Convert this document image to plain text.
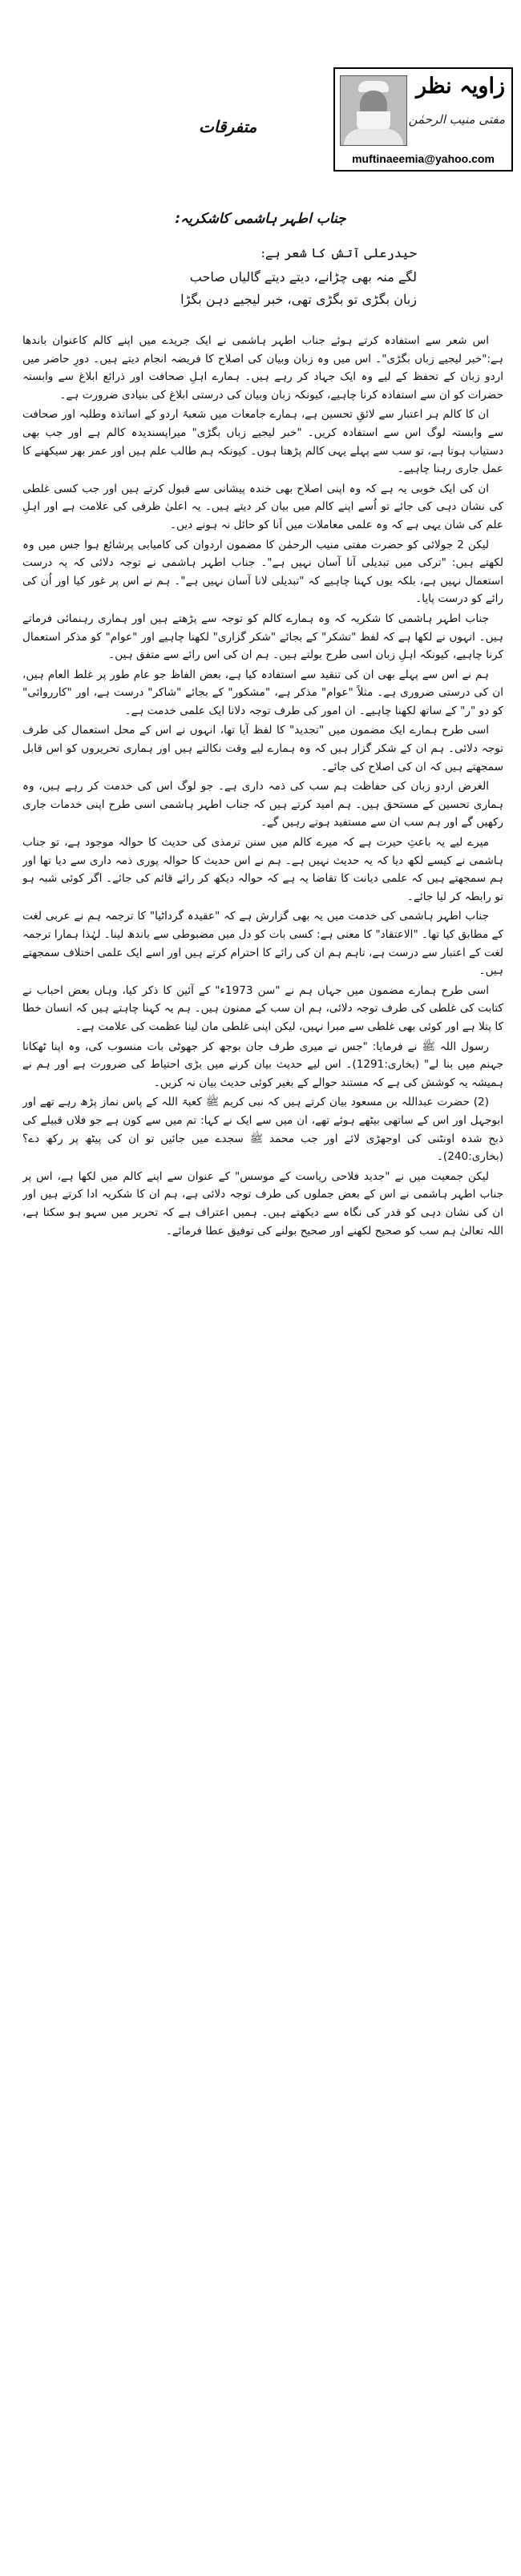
زاویہ نظر
مفتی منیب الرحمٰن
muftinaeemia@yahoo.com
متفرقات
جناب اطہر ہاشمی کاشکریہ:
حیدرعلی آتش کا شعر ہے:
لگے منہ بھی چڑانے، دیتے دیتے گالیاں صاحب
زبان بگڑی تو بگڑی تھی، خبر لیجیے دہن بگڑا

اس شعر سے استفادہ کرتے ہوئے جناب اطہر ہاشمی نے ایک جریدے میں اپنے کالم کاعنوان باندھا ہے:"خبر لیجیے زباں بگڑی"۔ اس میں وہ زبان وبیان کی اصلاح کا فریضہ انجام دیتے ہیں۔ دورِ حاضر میں اردو زبان کے تحفظ کے لیے وہ ایک جہاد کر رہے ہیں۔ ہمارے اہلِ صحافت اور ذرائع ابلاغ سے وابستہ حضرات کو ان سے استفادہ کرنا چاہیے، کیونکہ زبان وبیان کی درستی ابلاغ کی بنیادی ضرورت ہے۔

ان کا کالم ہر اعتبار سے لائقِ تحسین ہے، ہمارے جامعات میں شعبۂ اردو کے اساتذہ وطلبہ اور صحافت سے وابستہ لوگ اس سے استفادہ کریں۔ "خبر لیجیے زباں بگڑی" میراپسندیدہ کالم ہے اور جب بھی دستیاب ہوتا ہے، تو سب سے پہلے یہی کالم پڑھتا ہوں۔ کیونکہ ہم طالب علم ہیں اور عمر بھر سیکھنے کا عمل جاری رہنا چاہیے۔

ان کی ایک خوبی یہ ہے کہ وہ اپنی اصلاح بھی خندہ پیشانی سے قبول کرتے ہیں اور جب کسی غلطی کی نشان دہی کی جائے تو اُسے اپنے کالم میں بیان کر دیتے ہیں۔ یہ اعلیٰ ظرفی کی علامت ہے اور اہلِ علم کی شان یہی ہے کہ وہ علمی معاملات میں اَنا کو حائل نہ ہونے دیں۔

لیکن 2 جولائی کو حضرت مفتی منیب الرحمٰن کا مضمون اردوان کی کامیابی پرشائع ہوا جس میں وہ لکھتے ہیں: "ترکی میں تبدیلی آنا آسان نہیں ہے"۔ جناب اطہر ہاشمی نے توجہ دلائی کہ یہ درست استعمال نہیں ہے، بلکہ یوں کہنا چاہیے کہ "تبدیلی لانا آسان نہیں ہے"۔ ہم نے اس پر غور کیا اور اُن کی رائے کو درست پایا۔

جناب اطہر ہاشمی کا شکریہ کہ وہ ہمارے کالم کو توجہ سے پڑھتے ہیں اور ہماری رہنمائی فرماتے ہیں۔ انہوں نے لکھا ہے کہ لفظ "تشکر" کے بجائے "شکر گزاری" لکھنا چاہیے اور "عوام" کو مذکر استعمال کرنا چاہیے، کیونکہ اہلِ زبان اسی طرح بولتے ہیں۔ ہم ان کی اس رائے سے متفق ہیں۔

ہم نے اس سے پہلے بھی ان کی تنقید سے استفادہ کیا ہے، بعض الفاظ جو عام طور پر غلط العام ہیں، ان کی درستی ضروری ہے۔ مثلاً "عوام" مذکر ہے، "مشکور" کے بجائے "شاکر" درست ہے، اور "کارروائی" کو دو "ر" کے ساتھ لکھنا چاہیے۔ ان امور کی طرف توجہ دلانا ایک علمی خدمت ہے۔

اسی طرح ہمارے ایک مضمون میں "تجدید" کا لفظ آیا تھا، انہوں نے اس کے محل استعمال کی طرف توجہ دلائی۔ ہم ان کے شکر گزار ہیں کہ وہ ہمارے لیے وقت نکالتے ہیں اور ہماری تحریروں کو اس قابل سمجھتے ہیں کہ ان کی اصلاح کی جائے۔

الغرض اردو زبان کی حفاظت ہم سب کی ذمہ داری ہے۔ جو لوگ اس کی خدمت کر رہے ہیں، وہ ہماری تحسین کے مستحق ہیں۔ ہم امید کرتے ہیں کہ جناب اطہر ہاشمی اسی طرح اپنی خدمات جاری رکھیں گے اور ہم سب ان سے مستفید ہوتے رہیں گے۔

میرے لیے یہ باعثِ حیرت ہے کہ میرے کالم میں سنن ترمذی کی حدیث کا حوالہ موجود ہے، تو جناب ہاشمی نے کیسے لکھ دیا کہ یہ حدیث نہیں ہے۔ ہم نے اس حدیث کا حوالہ پوری ذمہ داری سے دیا تھا اور ہم سمجھتے ہیں کہ علمی دیانت کا تقاضا یہ ہے کہ حوالہ دیکھ کر رائے قائم کی جائے۔ اگر کوئی شبہ ہو تو رابطہ کر لیا جائے۔

جناب اطہر ہاشمی کی خدمت میں یہ بھی گزارش ہے کہ "عقیدہ گرداٹیا" کا ترجمہ ہم نے عربی لغت کے مطابق کیا تھا۔ "الاعتقاد" کا معنی ہے: کسی بات کو دل میں مضبوطی سے باندھ لینا۔ لہٰذا ہمارا ترجمہ لغت کے اعتبار سے درست ہے، تاہم ہم ان کی رائے کا احترام کرتے ہیں اور اسے ایک علمی اختلاف سمجھتے ہیں۔

اسی طرح ہمارے مضمون میں جہاں ہم نے "سن 1973ء" کے آئین کا ذکر کیا، وہاں بعض احباب نے کتابت کی غلطی کی طرف توجہ دلائی، ہم ان سب کے ممنون ہیں۔ ہم یہ کہنا چاہتے ہیں کہ انسان خطا کا پتلا ہے اور کوئی بھی غلطی سے مبرا نہیں، لیکن اپنی غلطی مان لینا عظمت کی علامت ہے۔

رسول اللہ ﷺ نے فرمایا: "جس نے میری طرف جان بوجھ کر جھوٹی بات منسوب کی، وہ اپنا ٹھکانا جہنم میں بنا لے" (بخاری:1291)۔ اس لیے حدیث بیان کرنے میں بڑی احتیاط کی ضرورت ہے اور ہم نے ہمیشہ یہ کوشش کی ہے کہ مستند حوالے کے بغیر کوئی حدیث بیان نہ کریں۔

(2) حضرت عبداللہ بن مسعود بیان کرتے ہیں کہ نبی کریم ﷺ کعبۃ اللہ کے پاس نماز پڑھ رہے تھے اور ابوجہل اور اس کے ساتھی بیٹھے ہوئے تھے، ان میں سے ایک نے کہا: تم میں سے کون ہے جو فلاں قبیلے کی ذبح شدہ اونٹنی کی اوجھڑی لائے اور جب محمد ﷺ سجدے میں جائیں تو ان کی پیٹھ پر رکھ دے؟ (بخاری:240)۔

لیکن جمعیت میں نے "جدید فلاحی ریاست کے موسس" کے عنوان سے اپنے کالم میں لکھا ہے، اس پر جناب اطہر ہاشمی نے اس کے بعض جملوں کی طرف توجہ دلائی ہے، ہم ان کا شکریہ ادا کرتے ہیں اور ان کی نشان دہی کو قدر کی نگاہ سے دیکھتے ہیں۔ ہمیں اعتراف ہے کہ تحریر میں سہو ہو سکتا ہے، اللہ تعالیٰ ہم سب کو صحیح لکھنے اور صحیح بولنے کی توفیق عطا فرمائے۔
